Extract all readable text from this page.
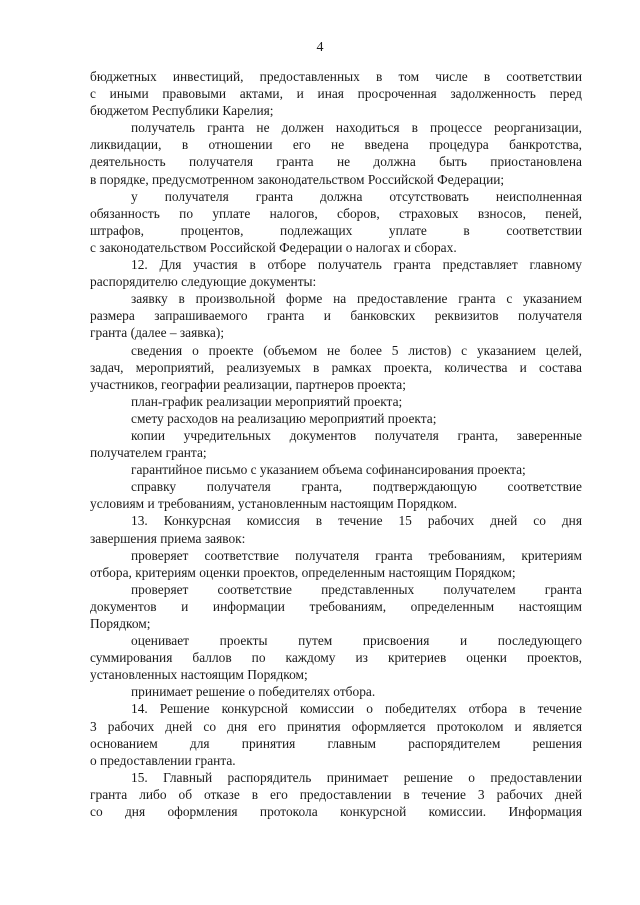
4
бюджетных инвестиций, предоставленных в том числе в соответствии
с иными правовыми актами, и иная просроченная задолженность перед
бюджетом Республики Карелия;
получатель гранта не должен находиться в процессе реорганизации,
ликвидации, в отношении его не введена процедура банкротства,
деятельность получателя гранта не должна быть приостановлена
в порядке, предусмотренном законодательством Российской Федерации;
у получателя гранта должна отсутствовать неисполненная
обязанность по уплате налогов, сборов, страховых взносов, пеней,
штрафов, процентов, подлежащих уплате в соответствии
с законодательством Российской Федерации о налогах и сборах.
12. Для участия в отборе получатель гранта представляет главному
распорядителю следующие документы:
заявку в произвольной форме на предоставление гранта с указанием
размера запрашиваемого гранта и банковских реквизитов получателя
гранта (далее – заявка);
сведения о проекте (объемом не более 5 листов) с указанием целей,
задач, мероприятий, реализуемых в рамках проекта, количества и состава
участников, географии реализации, партнеров проекта;
план-график реализации мероприятий проекта;
смету расходов на реализацию мероприятий проекта;
копии учредительных документов получателя гранта, заверенные
получателем гранта;
гарантийное письмо с указанием объема софинансирования проекта;
справку получателя гранта, подтверждающую соответствие
условиям и требованиям, установленным настоящим Порядком.
13. Конкурсная комиссия в течение 15 рабочих дней со дня
завершения приема заявок:
проверяет соответствие получателя гранта требованиям, критериям
отбора, критериям оценки проектов, определенным настоящим Порядком;
проверяет соответствие представленных получателем гранта
документов и информации требованиям, определенным настоящим
Порядком;
оценивает проекты путем присвоения и последующего
суммирования баллов по каждому из критериев оценки проектов,
установленных настоящим Порядком;
принимает решение о победителях отбора.
14. Решение конкурсной комиссии о победителях отбора в течение
3 рабочих дней со дня его принятия оформляется протоколом и является
основанием для принятия главным распорядителем решения
о предоставлении гранта.
15. Главный распорядитель принимает решение о предоставлении
гранта либо об отказе в его предоставлении в течение 3 рабочих дней
со дня оформления протокола конкурсной комиссии. Информация
